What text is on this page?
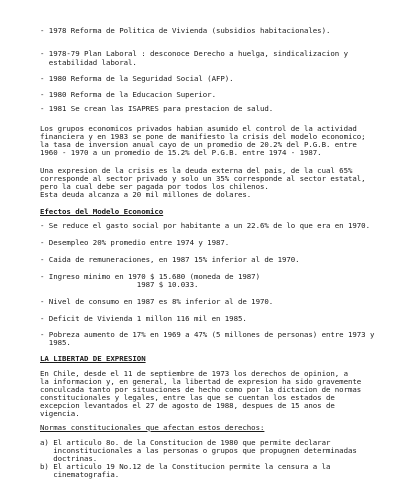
- 1978 Reforma de Politica de Vivienda (subsidios habitacionales).

- 1978-79 Plan Laboral : desconoce Derecho a huelga, sindicalizacion y

estabilidad laboral.

- 1980 Reforma de la Seguridad Social (AFP).

- 1980 Reforma de la Educacion Superior.

- 1981 Se crean las ISAPRES para prestacion de salud.

Los grupos economicos privados habian asumido el control de la actividad

financiera y en 1983 se pone de manifiesto la crisis del modelo economico;

la tasa de inversion anual cayo de un promedio de 20.2% del P.G.B. entre

1960 - 1970 a un promedio de 15.2% del P.G.B. entre 1974 - 1987.

Una expresion de la crisis es la deuda externa del pais, de la cual 65%

corresponde al sector privado y solo un 35% corresponde al sector estatal,

pero la cual debe ser pagada por todos los chilenos.

Esta deuda alcanza a 20 mil millones de dolares.

Efectos del Modelo Economico

- Se reduce el gasto social por habitante a un 22.6% de lo que era en 1970.

- Desempleo 20% promedio entre 1974 y 1987.

- Caida de remuneraciones, en 1987 15% inferior al de 1970.

- Ingreso minimo en 1970 $ 15.680 (moneda de 1987)

1987 $ 10.033.

- Nivel de consumo en 1987 es 8% inferior al de 1970.

- Deficit de Vivienda 1 millon 116 mil en 1985.

- Pobreza aumento de 17% en 1969 a 47% (5 millones de personas) entre 1973 y

1985.

LA LIBERTAD DE EXPRESION

En Chile, desde el 11 de septiembre de 1973 los derechos de opinion, a

la informacion y, en general, la libertad de expresion ha sido gravemente

conculcada tanto por situaciones de hecho como por la dictacion de normas

constitucionales y legales, entre las que se cuentan los estados de

excepcion levantados el 27 de agosto de 1988, despues de 15 anos de

vigencia.

Normas constitucionales que afectan estos derechos:

a) El articulo 8o. de la Constitucion de 1980 que permite declarar

inconstitucionales a las personas o grupos que propugnen determinadas

doctrinas.

b) El articulo 19 No.12 de la Constitucion permite la censura a la

cinematografia.
